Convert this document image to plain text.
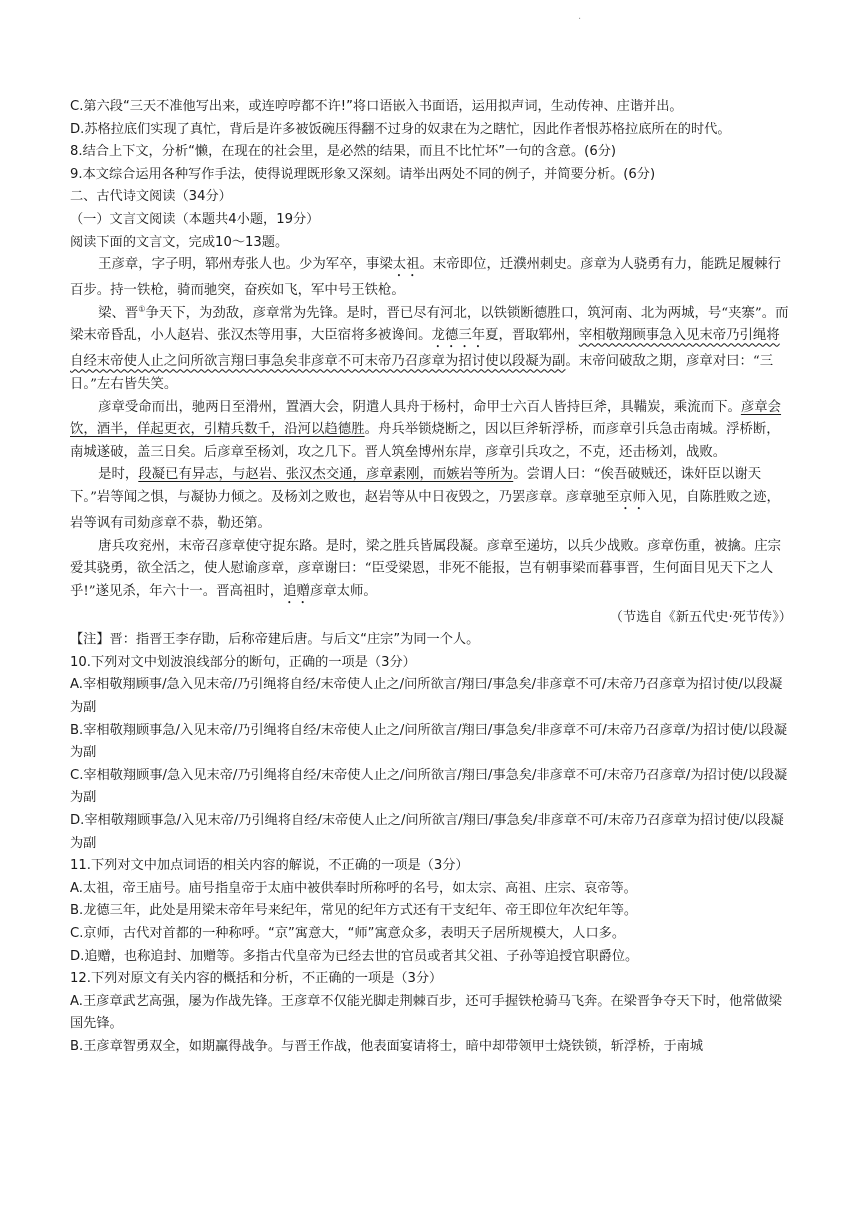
·

C.第六段“三天不准他写出来，或连哼哼都不许!”将口语嵌入书面语，运用拟声词，生动传神、庄谐并出。

D.苏格拉底们实现了真忙，背后是许多被饭碗压得翻不过身的奴隶在为之瞎忙，因此作者恨苏格拉底所在的时代。

8.结合上下文，分析“懒，在现在的社会里，是必然的结果，而且不比忙坏”一句的含意。(6分)

9.本文综合运用各种写作手法，使得说理既形象又深刻。请举出两处不同的例子，并简要分析。(6分)

二、古代诗文阅读（34分）

（一）文言文阅读（本题共4小题，19分）

阅读下面的文言文，完成10～13题。

王彦章，字子明，郓州寿张人也。少为军卒，事梁太祖。末帝即位，迁濮州刺史。彦章为人骁勇有力，能跣足履棘行百步。持一铁枪，骑而驰突，奋疾如飞，军中号王铁枪。

梁、晋①争天下，为劲敌，彦章常为先锋。是时，晋已尽有河北，以铁锁断德胜口，筑河南、北为两城，号“夹寨”。而梁末帝昏乱，小人赵岩、张汉杰等用事，大臣宿将多被谗间。龙德三年夏，晋取郓州，宰相敬翔顾事急入见末帝乃引绳将自经末帝使人止之问所欲言翔曰事急矣非彦章不可末帝乃召彦章为招讨使以段凝为副。末帝问破敌之期，彦章对曰：“三日。”左右皆失笑。

彦章受命而出，驰两日至滑州，置酒大会，阴遣人具舟于杨村，命甲士六百人皆持巨斧，具鞴炭，乘流而下。彦章会饮，酒半，佯起更衣，引精兵数千，沿河以趋德胜。舟兵举锁烧断之，因以巨斧斩浮桥，而彦章引兵急击南城。浮桥断，南城遂破，盖三日矣。后彦章至杨刘，攻之几下。晋人筑垒博州东岸，彦章引兵攻之，不克，还击杨刘，战败。

是时，段凝已有异志，与赵岩、张汉杰交通，彦章素刚，而嫉岩等所为。尝谓人曰：“俟吾破贼还，诛奸臣以谢天下。”岩等闻之惧，与凝协力倾之。及杨刘之败也，赵岩等从中日夜毁之，乃罢彦章。彦章驰至京师入见，自陈胜败之迹，岩等讽有司劾彦章不恭，勒还第。

唐兵攻兖州，末帝召彦章使守捉东路。是时，梁之胜兵皆属段凝。彦章至递坊，以兵少战败。彦章伤重，被擒。庄宗爱其骁勇，欲全活之，使人慰谕彦章，彦章谢曰：“臣受梁恩，非死不能报，岂有朝事梁而暮事晋，生何面目见天下之人乎!”遂见杀，年六十一。晋高祖时，追赠彦章太师。

（节选自《新五代史·死节传》）

【注】晋：指晋王李存勖，后称帝建后唐。与后文“庄宗”为同一个人。

10.下列对文中划波浪线部分的断句，正确的一项是（3分）

A.宰相敬翔顾事/急入见末帝/乃引绳将自经/末帝使人止之/问所欲言/翔曰/事急矣/非彦章不可/末帝乃召彦章为招讨使/以段凝为副

B.宰相敬翔顾事急/入见末帝/乃引绳将自经/末帝使人止之/问所欲言/翔曰/事急矣/非彦章不可/末帝乃召彦章/为招讨使/以段凝为副

C.宰相敬翔顾事/急入见末帝/乃引绳将自经/末帝使人止之/问所欲言/翔曰/事急矣/非彦章不可/末帝乃召彦章/为招讨使/以段凝为副

D.宰相敬翔顾事急/入见末帝/乃引绳将自经/末帝使人止之/问所欲言/翔曰/事急矣/非彦章不可/末帝乃召彦章为招讨使/以段凝为副

11.下列对文中加点词语的相关内容的解说，不正确的一项是（3分）

A.太祖，帝王庙号。庙号指皇帝于太庙中被供奉时所称呼的名号，如太宗、高祖、庄宗、哀帝等。

B.龙德三年，此处是用梁末帝年号来纪年，常见的纪年方式还有干支纪年、帝王即位年次纪年等。

C.京师，古代对首都的一种称呼。“京”寓意大，“师”寓意众多，表明天子居所规模大，人口多。

D.追赠，也称追封、加赠等。多指古代皇帝为已经去世的官员或者其父祖、子孙等追授官职爵位。

12.下列对原文有关内容的概括和分析，不正确的一项是（3分）

A.王彦章武艺高强，屡为作战先锋。王彦章不仅能光脚走荆棘百步，还可手握铁枪骑马飞奔。在梁晋争夺天下时，他常做梁国先锋。

B.王彦章智勇双全，如期赢得战争。与晋王作战，他表面宴请将士，暗中却带领甲士烧铁锁，斩浮桥，于南城
